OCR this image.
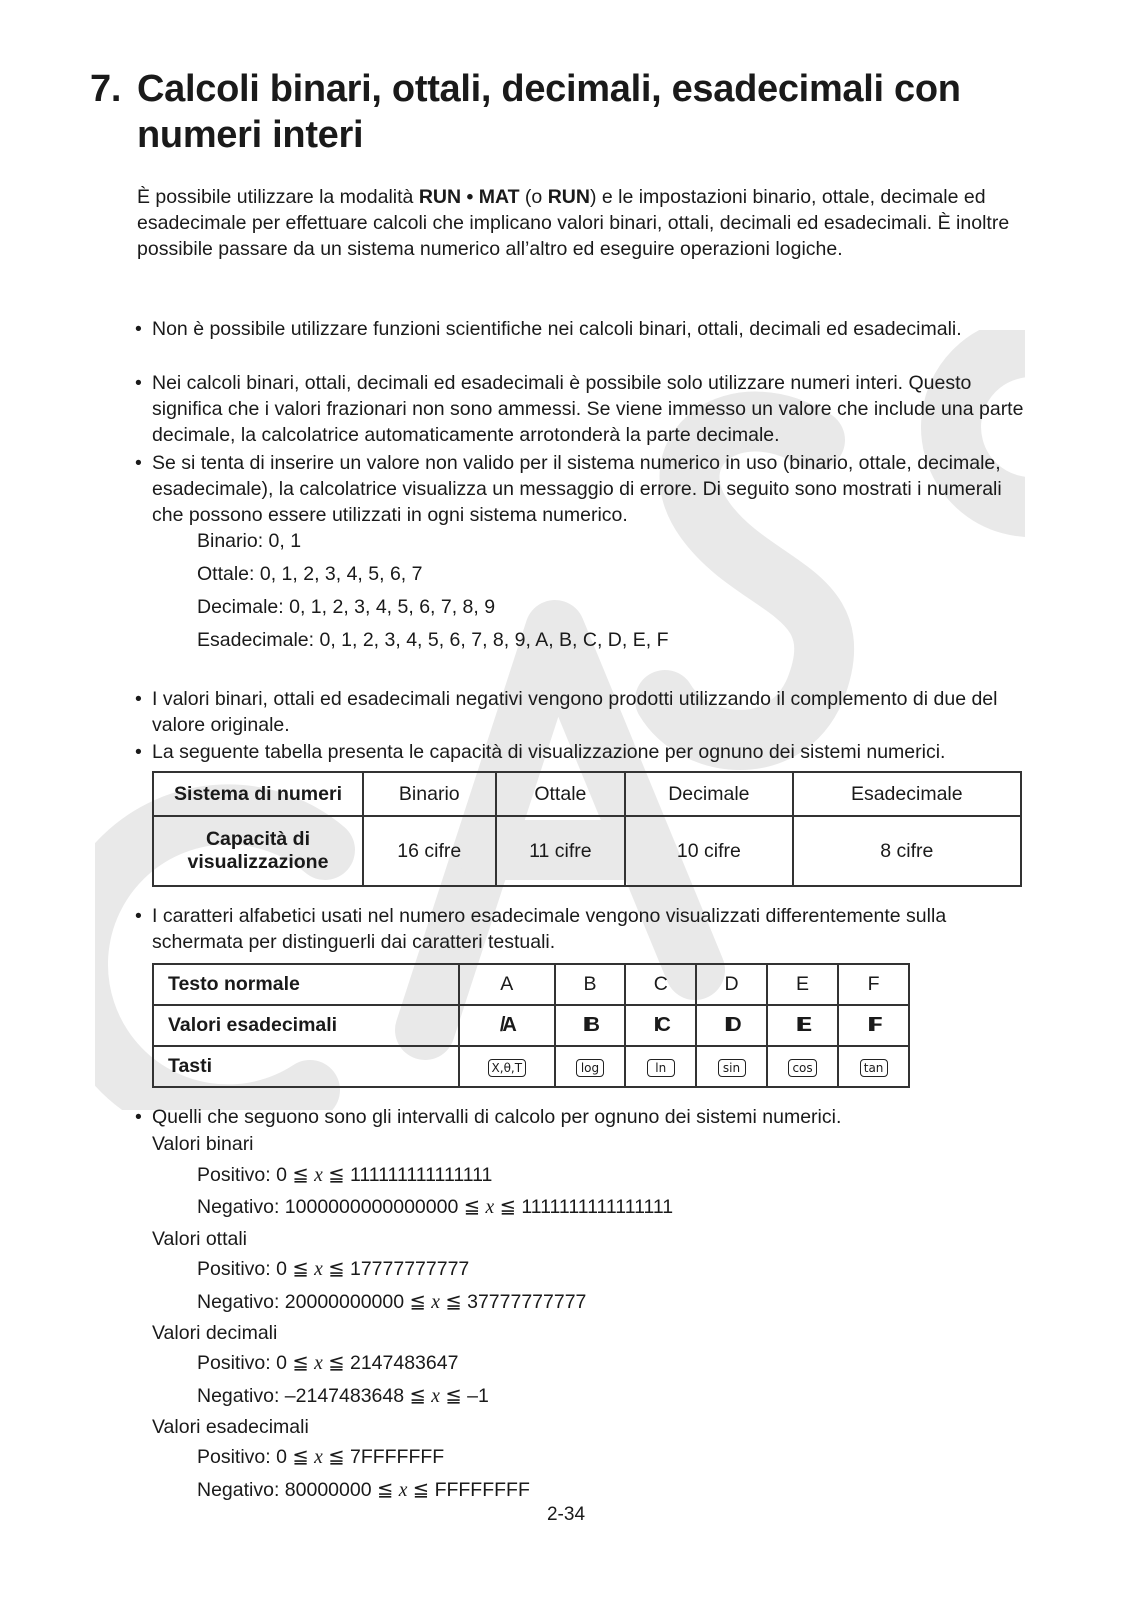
7. Calcoli binari, ottali, decimali, esadecimali con numeri interi

È possibile utilizzare la modalità RUN • MAT (o RUN) e le impostazioni binario, ottale, decimale ed esadecimale per effettuare calcoli che implicano valori binari, ottali, decimali ed esadecimali. È inoltre possibile passare da un sistema numerico all’altro ed eseguire operazioni logiche.

• Non è possibile utilizzare funzioni scientifiche nei calcoli binari, ottali, decimali ed esadecimali.
• Nei calcoli binari, ottali, decimali ed esadecimali è possibile solo utilizzare numeri interi. Questo significa che i valori frazionari non sono ammessi. Se viene immesso un valore che include una parte decimale, la calcolatrice automaticamente arrotonderà la parte decimale.
• Se si tenta di inserire un valore non valido per il sistema numerico in uso (binario, ottale, decimale, esadecimale), la calcolatrice visualizza un messaggio di errore. Di seguito sono mostrati i numerali che possono essere utilizzati in ogni sistema numerico.
Binario: 0, 1
Ottale: 0, 1, 2, 3, 4, 5, 6, 7
Decimale: 0, 1, 2, 3, 4, 5, 6, 7, 8, 9
Esadecimale: 0, 1, 2, 3, 4, 5, 6, 7, 8, 9, A, B, C, D, E, F
• I valori binari, ottali ed esadecimali negativi vengono prodotti utilizzando il complemento di due del valore originale.
• La seguente tabella presenta le capacità di visualizzazione per ognuno dei sistemi numerici.
Sistema di numeri	Binario	Ottale	Decimale	Esadecimale
Capacità di
visualizzazione	16 cifre	11 cifre	10 cifre	8 cifre
• I caratteri alfabetici usati nel numero esadecimale vengono visualizzati differentemente sulla schermata per distinguerli dai caratteri testuali.
Testo normale	A	B	C	D	E	F
Valori esadecimali	/A	IB	IC	ID	IE	IF
Tasti	X,θ,T	log	ln	sin	cos	tan
• Quelli che seguono sono gli intervalli di calcolo per ognuno dei sistemi numerici.
Valori binari
Positivo: 0 ≦ x ≦ 111111111111111
Negativo: 1000000000000000 ≦ x ≦ 1111111111111111
Valori ottali
Positivo: 0 ≦ x ≦ 17777777777
Negativo: 20000000000 ≦ x ≦ 37777777777
Valori decimali
Positivo: 0 ≦ x ≦ 2147483647
Negativo: –2147483648 ≦ x ≦ –1
Valori esadecimali
Positivo: 0 ≦ x ≦ 7FFFFFFF
Negativo: 80000000 ≦ x ≦ FFFFFFFF
2-34
